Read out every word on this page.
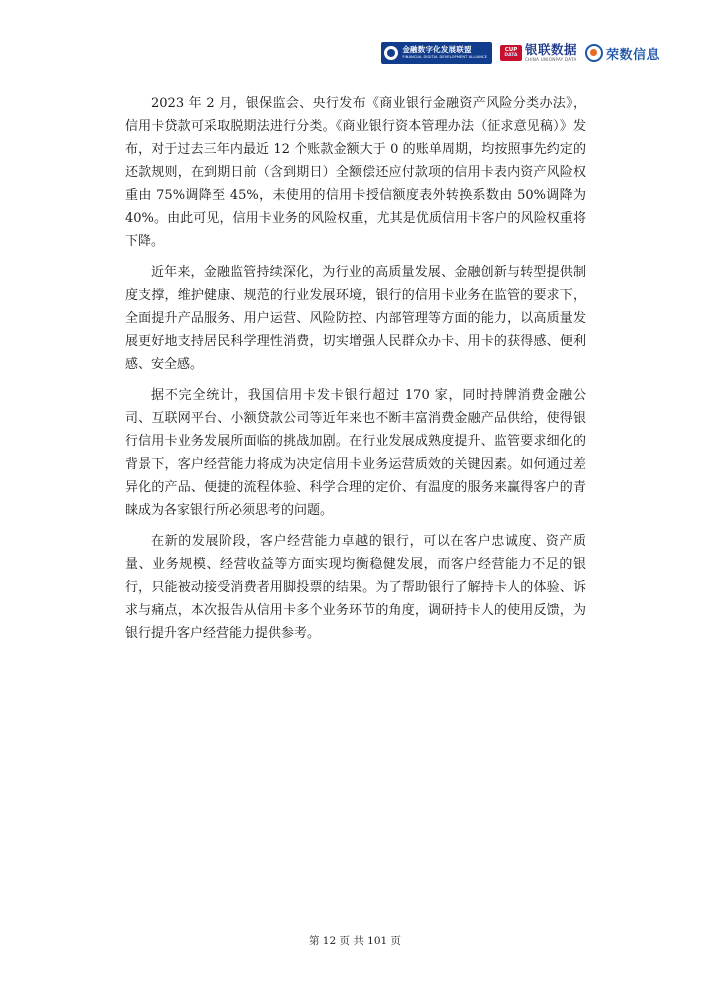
金融数字化发展联盟
FINANCIAL DIGITAL DEVELOPMENT ALLIANCE
CUP
DATA 银联数据
CHINA UNIONPAY DATA 荣数信息

2023 年 2 月，银保监会、央行发布《商业银行金融资产风险分类办法》，信用卡贷款可采取脱期法进行分类。《商业银行资本管理办法（征求意见稿）》发布，对于过去三年内最近 12 个账款金额大于 0 的账单周期，均按照事先约定的还款规则，在到期日前（含到期日）全额偿还应付款项的信用卡表内资产风险权重由 75%调降至 45%，未使用的信用卡授信额度表外转换系数由 50%调降为 40%。由此可见，信用卡业务的风险权重，尤其是优质信用卡客户的风险权重将下降。

近年来，金融监管持续深化，为行业的高质量发展、金融创新与转型提供制度支撑，维护健康、规范的行业发展环境，银行的信用卡业务在监管的要求下，全面提升产品服务、用户运营、风险防控、内部管理等方面的能力，以高质量发展更好地支持居民科学理性消费，切实增强人民群众办卡、用卡的获得感、便利感、安全感。

据不完全统计，我国信用卡发卡银行超过 170 家，同时持牌消费金融公司、互联网平台、小额贷款公司等近年来也不断丰富消费金融产品供给，使得银行信用卡业务发展所面临的挑战加剧。在行业发展成熟度提升、监管要求细化的背景下，客户经营能力将成为决定信用卡业务运营质效的关键因素。如何通过差异化的产品、便捷的流程体验、科学合理的定价、有温度的服务来赢得客户的青睐成为各家银行所必须思考的问题。

在新的发展阶段，客户经营能力卓越的银行，可以在客户忠诚度、资产质量、业务规模、经营收益等方面实现均衡稳健发展，而客户经营能力不足的银行，只能被动接受消费者用脚投票的结果。为了帮助银行了解持卡人的体验、诉求与痛点，本次报告从信用卡多个业务环节的角度，调研持卡人的使用反馈，为银行提升客户经营能力提供参考。

第 12 页 共 101 页
